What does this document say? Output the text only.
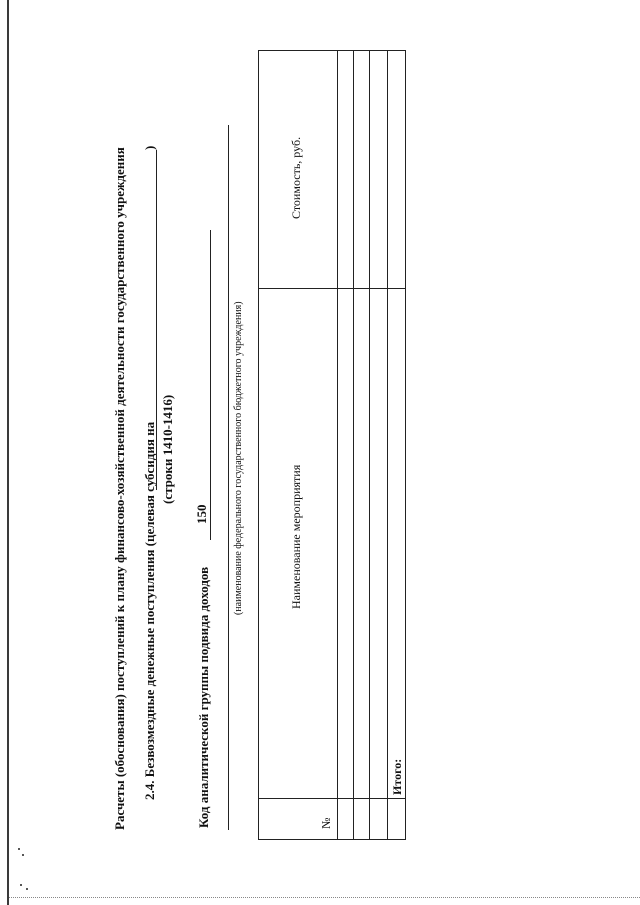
Расчеты (обоснования) поступлений к плану финансово-хозяйственной деятельности государственного учреждения 2.4. Безвозмездные денежные поступления (целевая субсидия на
)
(строки 1410-1416)
Код аналитической группы подвида доходов
150 (наименование федерального государственного бюджетного учреждения)
№
Наименование мероприятия
Стоимость, руб.
Итого:
